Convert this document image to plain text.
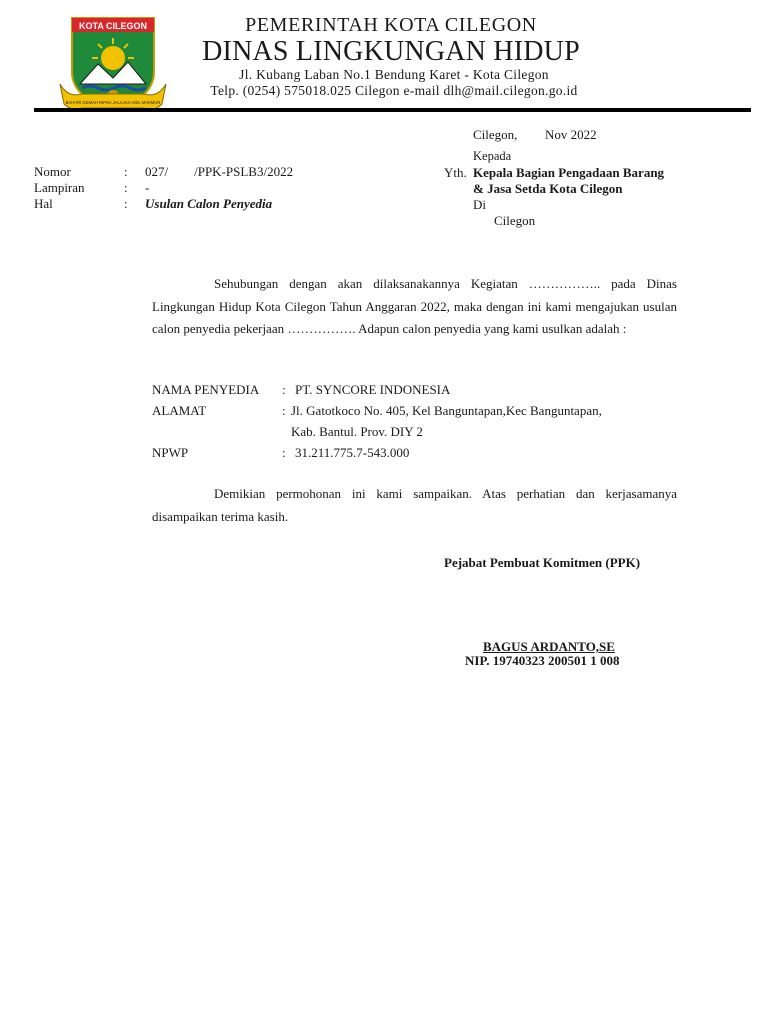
KOTA CILEGON
BAHARI GEMAH RIPAH JALAJAH ADIL MAKMUR
PEMERINTAH KOTA CILEGON
DINAS LINGKUNGAN HIDUP
Jl. Kubang Laban No.1 Bendung Karet - Kota Cilegon
Telp. (0254) 575018.025 Cilegon e-mail dlh@mail.cilegon.go.id
Cilegon, Nov 2022
Kepada
Yth. Kepala Bagian Pengadaan Barang
& Jasa Setda Kota Cilegon
Di
Cilegon
Nomor	: 027/        /PPK-PSLB3/2022
Lampiran	: -
Hal	: Usulan Calon Penyedia
Sehubungan dengan akan dilaksanakannya Kegiatan …………….. pada Dinas Lingkungan Hidup Kota Cilegon Tahun Anggaran 2022, maka dengan ini kami mengajukan usulan calon penyedia pekerjaan ……………. Adapun calon penyedia yang kami usulkan adalah :
NAMA PENYEDIA : PT. SYNCORE INDONESIA
ALAMAT	: Jl. Gatotkoco No. 405, Kel Banguntapan,Kec Banguntapan,
Kab. Bantul. Prov. DIY 2
NPWP	: 31.211.775.7-543.000
Demikian permohonan ini kami sampaikan. Atas perhatian dan kerjasamanya disampaikan terima kasih.
Pejabat Pembuat Komitmen (PPK)
BAGUS ARDANTO,SE
NIP. 19740323 200501 1 008
